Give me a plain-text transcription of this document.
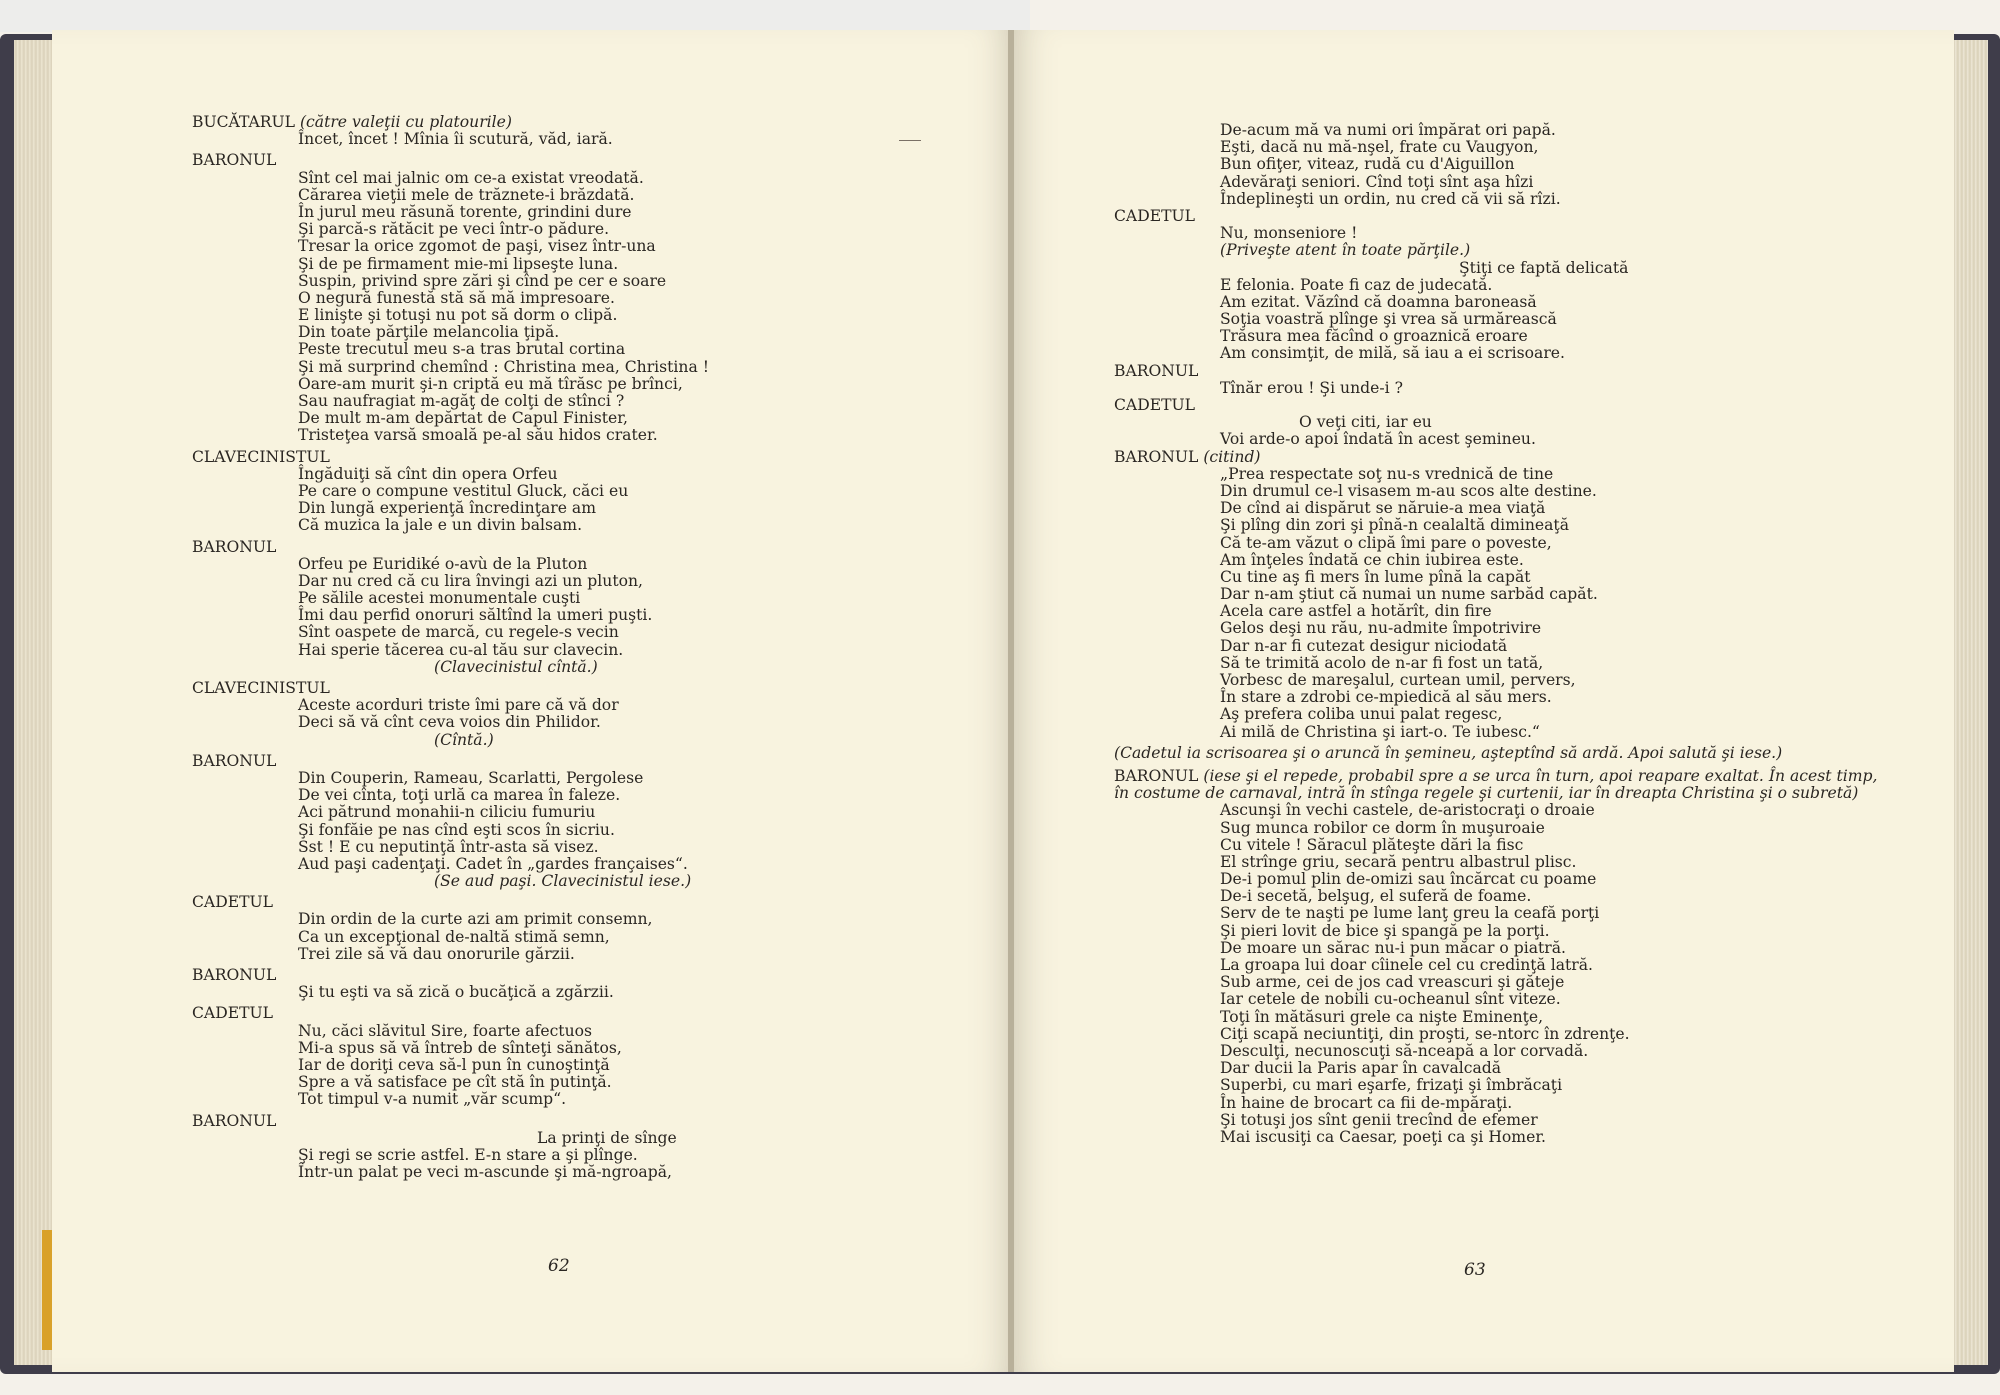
BUCĂTARUL (către valeţii cu platourile)
Încet, încet ! Mînia îi scutură, văd, iară.
BARONUL
Sînt cel mai jalnic om ce-a existat vreodată.
Cărarea vieţii mele de trăznete-i brăzdată.
În jurul meu răsună torente, grindini dure
Şi parcă-s rătăcit pe veci într-o pădure.
Tresar la orice zgomot de paşi, visez într-una
Şi de pe firmament mie-mi lipseşte luna.
Suspin, privind spre zări şi cînd pe cer e soare
O negură funestă stă să mă impresoare.
E linişte şi totuşi nu pot să dorm o clipă.
Din toate părţile melancolia ţipă.
Peste trecutul meu s-a tras brutal cortina
Şi mă surprind chemînd : Christina mea, Christina !
Oare-am murit şi-n criptă eu mă tîrăsc pe brînci,
Sau naufragiat m-agăţ de colţi de stînci ?
De mult m-am depărtat de Capul Finister,
Tristeţea varsă smoală pe-al său hidos crater.
CLAVECINISTUL
Îngăduiţi să cînt din opera Orfeu
Pe care o compune vestitul Gluck, căci eu
Din lungă experienţă încredinţare am
Că muzica la jale e un divin balsam.
BARONUL
Orfeu pe Euridiké o-avù de la Pluton
Dar nu cred că cu lira învingi azi un pluton,
Pe sălile acestei monumentale cuşti
Îmi dau perfid onoruri săltînd la umeri puşti.
Sînt oaspete de marcă, cu regele-s vecin
Hai sperie tăcerea cu-al tău sur clavecin.
(Clavecinistul cîntă.)
CLAVECINISTUL
Aceste acorduri triste îmi pare că vă dor
Deci să vă cînt ceva voios din Philidor.
(Cîntă.)
BARONUL
Din Couperin, Rameau, Scarlatti, Pergolese
De vei cînta, toţi urlă ca marea în faleze.
Aci pătrund monahii-n ciliciu fumuriu
Şi fonfăie pe nas cînd eşti scos în sicriu.
Sst ! E cu neputinţă într-asta să visez.
Aud paşi cadenţaţi. Cadet în „gardes françaises“.
(Se aud paşi. Clavecinistul iese.)
CADETUL
Din ordin de la curte azi am primit consemn,
Ca un excepţional de-naltă stimă semn,
Trei zile să vă dau onorurile gărzii.
BARONUL
Şi tu eşti va să zică o bucăţică a zgărzii.
CADETUL
Nu, căci slăvitul Sire, foarte afectuos
Mi-a spus să vă întreb de sînteţi sănătos,
Iar de doriţi ceva să-l pun în cunoştinţă
Spre a vă satisface pe cît stă în putinţă.
Tot timpul v-a numit „văr scump“.
BARONUL
La prinţi de sînge
Şi regi se scrie astfel. E-n stare a şi plînge.
Într-un palat pe veci m-ascunde şi mă-ngroapă,
62
De-acum mă va numi ori împărat ori papă.
Eşti, dacă nu mă-nşel, frate cu Vaugyon,
Bun ofiţer, viteaz, rudă cu d'Aiguillon
Adevăraţi seniori. Cînd toţi sînt aşa hîzi
Îndeplineşti un ordin, nu cred că vii să rîzi.
CADETUL
Nu, monseniore !
(Priveşte atent în toate părţile.)
Ştiţi ce faptă delicată
E felonia. Poate fi caz de judecată.
Am ezitat. Văzînd că doamna baroneasă
Soţia voastră plînge şi vrea să urmărească
Trăsura mea făcînd o groaznică eroare
Am consimţit, de milă, să iau a ei scrisoare.
BARONUL
Tînăr erou ! Şi unde-i ?
CADETUL
O veţi citi, iar eu
Voi arde-o apoi îndată în acest şemineu.
BARONUL (citind)
„Prea respectate soţ nu-s vrednică de tine
Din drumul ce-l visasem m-au scos alte destine.
De cînd ai dispărut se năruie-a mea viaţă
Şi plîng din zori şi pînă-n cealaltă dimineaţă
Că te-am văzut o clipă îmi pare o poveste,
Am înţeles îndată ce chin iubirea este.
Cu tine aş fi mers în lume pînă la capăt
Dar n-am ştiut că numai un nume sarbăd capăt.
Acela care astfel a hotărît, din fire
Gelos deşi nu rău, nu-admite împotrivire
Dar n-ar fi cutezat desigur niciodată
Să te trimită acolo de n-ar fi fost un tată,
Vorbesc de mareşalul, curtean umil, pervers,
În stare a zdrobi ce-mpiedică al său mers.
Aş prefera coliba unui palat regesc,
Ai milă de Christina şi iart-o. Te iubesc.“
(Cadetul ia scrisoarea şi o aruncă în şemineu, aşteptînd să ardă. Apoi salută şi iese.)
BARONUL (iese şi el repede, probabil spre a se urca în turn, apoi reapare exaltat. În acest timp, în costume de carnaval, intră în stînga regele şi curtenii, iar în dreapta Christina şi o subretă)
Ascunşi în vechi castele, de-aristocraţi o droaie
Sug munca robilor ce dorm în muşuroaie
Cu vitele ! Săracul plăteşte dări la fisc
El strînge griu, secară pentru albastrul plisc.
De-i pomul plin de-omizi sau încărcat cu poame
De-i secetă, belşug, el suferă de foame.
Serv de te naşti pe lume lanţ greu la ceafă porţi
Şi pieri lovit de bice şi spangă pe la porţi.
De moare un sărac nu-i pun măcar o piatră.
La groapa lui doar cîinele cel cu credinţă latră.
Sub arme, cei de jos cad vreascuri şi găteje
Iar cetele de nobili cu-ocheanul sînt viteze.
Toţi în mătăsuri grele ca nişte Eminenţe,
Ciţi scapă neciuntiţi, din proşti, se-ntorc în zdrenţe.
Desculţi, necunoscuţi să-nceapă a lor corvadă.
Dar ducii la Paris apar în cavalcadă
Superbi, cu mari eşarfe, frizaţi şi îmbrăcaţi
În haine de brocart ca fii de-mpăraţi.
Şi totuşi jos sînt genii trecînd de efemer
Mai iscusiţi ca Caesar, poeţi ca şi Homer.
63
